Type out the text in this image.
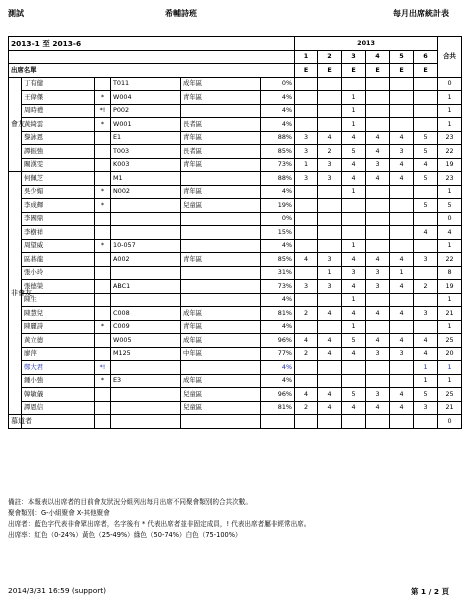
測試	希輔詩班	每月出席統計表
2013-1 至 2013-6						2013						合共
						1	2	3	4	5	6	
出席名單						E	E	E	E	E	E	
會友	丁有健		T011	成年區	0%							0
	王偉傑	*	W004	青年區	4%			1				1
	周時禮	*!	P002		4%			1				1
	黃綺雲	*	W001	長者區	4%			1				1
	黎詠恩		E1	青年區	88%	3	4	4	4	4	5	23
	譚振強		T003	長者區	85%	3	2	5	4	3	5	22
	關漢雯		K003	青年區	73%	1	3	4	3	4	4	19
非會友	何佩芝		M1		88%	3	3	4	4	4	5	23
	吳少媚	*	N002	青年區	4%			1				1
	李成輝	*		兒童區	19%						5	5
	李國鼎				0%							0
	李樹祥				15%						4	4
	周望威	*	10-057		4%			1				1
	區碁龍		A002	青年區	85%	4	3	4	4	4	3	22
	張小玲				31%		1	3	3	1		8
	張德榮		ABC1		73%	3	3	4	3	4	2	19
	陳生				4%			1				1
	陳慧兒		C008	成年區	81%	2	4	4	4	4	3	21
	陳麗詩	*	C009	青年區	4%			1				1
	黃立德		W005	成年區	96%	4	4	5	4	4	4	25
	廖萍		M125	中年區	77%	2	4	4	3	3	4	20
	鄭大君	*!			4%						1	1
	鍾小強	*	E3	成年區	4%						1	1
	韓敏儀			兒童區	96%	4	4	5	3	4	5	25
	譚恩信			兒童區	81%	2	4	4	4	4	3	21
慕道者												0
備註：本報表以出席者的目前會友狀況分組列出每月出席不同聚會類別的合共次數。
聚會類別：G-小組聚會 X-其他聚會
出席者：藍色字代表非會眾出席者，名字後有 * 代表出席者並非固定成員，! 代表出席者屬非經常出席。
出席率：紅色（0-24%）黃色（25-49%）綠色（50-74%）白色（75-100%）
2014/3/31 16:59 (support)	第 1 / 2 頁
